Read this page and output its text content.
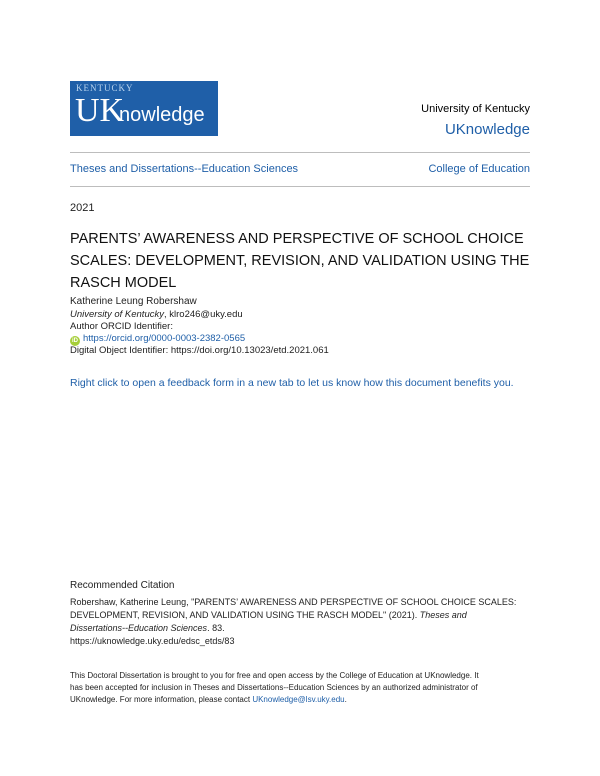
KENTUCKY
UK
nowledge	University of Kentucky
UKnowledge
Theses and Dissertations--Education Sciences	College of Education
2021
PARENTS’ AWARENESS AND PERSPECTIVE OF SCHOOL CHOICE SCALES: DEVELOPMENT, REVISION, AND VALIDATION USING THE RASCH MODEL
Katherine Leung Robershaw
University of Kentucky, klro246@uky.edu
Author ORCID Identifier:
iD https://orcid.org/0000-0003-2382-0565
Digital Object Identifier: https://doi.org/10.13023/etd.2021.061
Right click to open a feedback form in a new tab to let us know how this document benefits you.
Recommended Citation
Robershaw, Katherine Leung, "PARENTS’ AWARENESS AND PERSPECTIVE OF SCHOOL CHOICE SCALES:
DEVELOPMENT, REVISION, AND VALIDATION USING THE RASCH MODEL" (2021). Theses and
Dissertations--Education Sciences. 83.
https://uknowledge.uky.edu/edsc_etds/83
This Doctoral Dissertation is brought to you for free and open access by the College of Education at UKnowledge. It
has been accepted for inclusion in Theses and Dissertations--Education Sciences by an authorized administrator of
UKnowledge. For more information, please contact UKnowledge@lsv.uky.edu.
